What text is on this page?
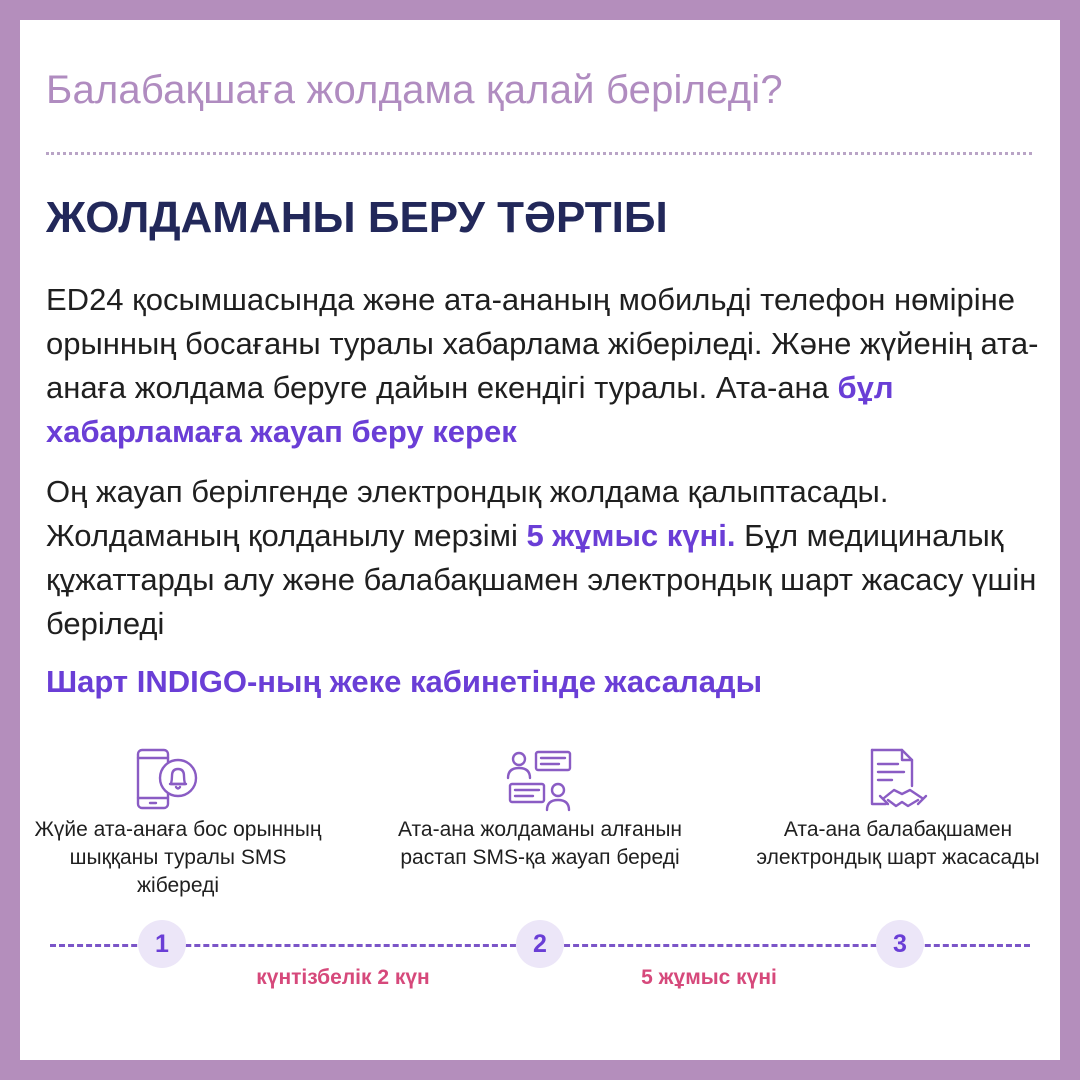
Балабақшаға жолдама қалай беріледі?
ЖОЛДАМАНЫ БЕРУ ТӘРТІБІ
ED24 қосымшасында және ата-ананың мобильді телефон нөміріне орынның босағаны туралы хабарлама жіберіледі. Және жүйенің ата-анаға жолдама беруге дайын екендігі туралы. Ата-ана бұл хабарламаға жауап беру керек
Оң жауап берілгенде электрондық жолдама қалыптасады. Жолдаманың қолданылу мерзімі 5 жұмыс күні. Бұл медициналық құжаттарды алу және балабақшамен электрондық шарт жасасу үшін беріледі
Шарт INDIGO-ның жеке кабинетінде жасалады
Жүйе ата-анаға бос орынның шыққаны туралы SMS жібереді
Ата-ана жолдаманы алғанын растап SMS-қа жауап береді
Ата-ана балабақшамен электрондық шарт жасасады
1	2	3
күнтізбелік 2 күн	5 жұмыс күні
